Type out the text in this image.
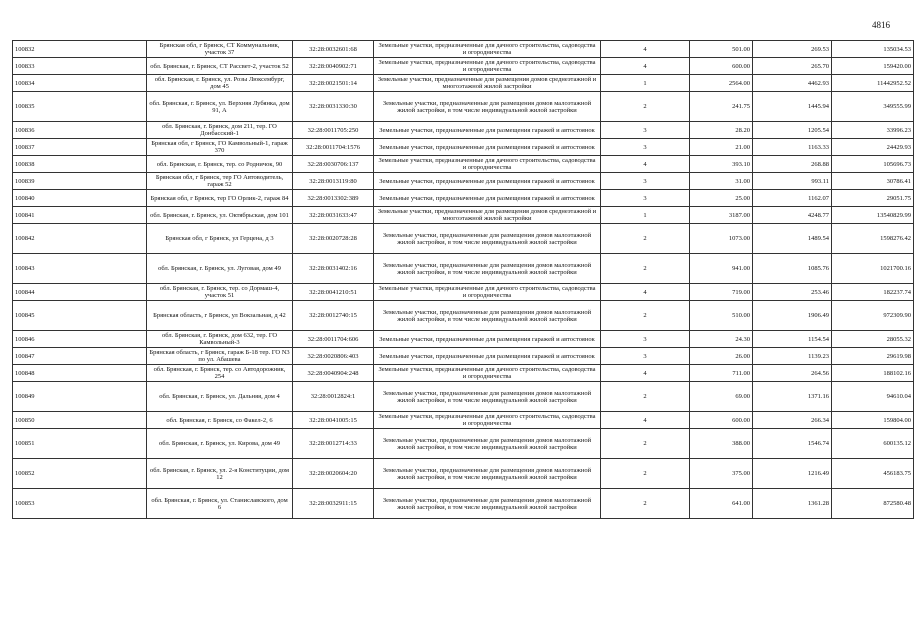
4816
100832	Брянская обл, г Брянск, СТ Коммунальник, участок 37	32:28:0032601:68	Земельные участки, предназначенные для дачного строительства, садоводства и огородничества	4	501.00	269.53	135034.53
100833	обл. Брянская, г. Брянск, СТ Рассвет-2, участок 52	32:28:0040902:71	Земельные участки, предназначенные для дачного строительства, садоводства и огородничества	4	600.00	265.70	159420.00
100834	обл. Брянская, г. Брянск, ул. Розы Люксембург, дом 45	32:28:0021501:14	Земельные участки, предназначенные для размещения домов среднеэтажной и многоэтажной жилой застройки	1	2564.00	4462.93	11442952.52
100835	обл. Брянская, г. Брянск, ул. Верхняя Лубянка, дом 91, А	32:28:0031330:30	Земельные участки, предназначенные для размещения домов малоэтажной жилой застройки, в том числе индивидуальной жилой застройки	2	241.75	1445.94	349555.99
100836	обл. Брянская, г. Брянск, дом 211, тер. ГО Донбасский-1	32:28:0011705:250	Земельные участки, предназначенные для размещения гаражей и автостоянок	3	28.20	1205.54	33996.23
100837	Брянская обл, г Брянск, ГО Камвольный-1, гараж 370	32:28:0011704:1576	Земельные участки, предназначенные для размещения гаражей и автостоянок	3	21.00	1163.33	24429.93
100838	обл. Брянская, г. Брянск, тер. со Родничок, 90	32:28:0030706:137	Земельные участки, предназначенные для дачного строительства, садоводства и огородничества	4	393.10	268.88	105696.73
100839	Брянская обл, г Брянск, тер ГО Автоводитель, гараж 52	32:28:0013119:80	Земельные участки, предназначенные для размещения гаражей и автостоянок	3	31.00	993.11	30786.41
100840	Брянская обл, г Брянск, тер ГО Орлик-2, гараж 84	32:28:0013302:389	Земельные участки, предназначенные для размещения гаражей и автостоянок	3	25.00	1162.07	29051.75
100841	обл. Брянская, г. Брянск, ул. Октябрьская, дом 101	32:28:0031633:47	Земельные участки, предназначенные для размещения домов среднеэтажной и многоэтажной жилой застройки	1	3187.00	4248.77	13540829.99
100842	Брянская обл, г Брянск, ул Герцена, д 3	32:28:0020728:28	Земельные участки, предназначенные для размещения домов малоэтажной жилой застройки, в том числе индивидуальной жилой застройки	2	1073.00	1489.54	1598276.42
100843	обл. Брянская, г. Брянск, ул. Луговая, дом 49	32:28:0031402:16	Земельные участки, предназначенные для размещения домов малоэтажной жилой застройки, в том числе индивидуальной жилой застройки	2	941.00	1085.76	1021700.16
100844	обл. Брянская, г. Брянск, тер. со Дормаш-4, участок 51	32:28:0041210:51	Земельные участки, предназначенные для дачного строительства, садоводства и огородничества	4	719.00	253.46	182237.74
100845	Брянская область, г Брянск, ул Вокзальная, д 42	32:28:0012740:15	Земельные участки, предназначенные для размещения домов малоэтажной жилой застройки, в том числе индивидуальной жилой застройки	2	510.00	1906.49	972309.90
100846	обл. Брянская, г. Брянск, дом 632, тер. ГО Камвольный-3	32:28:0011704:606	Земельные участки, предназначенные для размещения гаражей и автостоянок	3	24.30	1154.54	28055.32
100847	Брянская область, г Брянск, гараж Б-18 тер. ГО N3 по ул. Абашева	32:28:0020806:403	Земельные участки, предназначенные для размещения гаражей и автостоянок	3	26.00	1139.23	29619.98
100848	обл. Брянская, г. Брянск, тер. со Автодорожник, 254	32:28:0040904:248	Земельные участки, предназначенные для дачного строительства, садоводства и огородничества	4	711.00	264.56	188102.16
100849	обл. Брянская, г. Брянск, ул. Дальняя, дом 4	32:28:0012824:1	Земельные участки, предназначенные для размещения домов малоэтажной жилой застройки, в том числе индивидуальной жилой застройки	2	69.00	1371.16	94610.04
100850	обл. Брянская, г. Брянск, со Факел-2, 6	32:28:0041005:15	Земельные участки, предназначенные для дачного строительства, садоводства и огородничества	4	600.00	266.34	159804.00
100851	обл. Брянская, г. Брянск, ул. Кирова, дом 49	32:28:0012714:33	Земельные участки, предназначенные для размещения домов малоэтажной жилой застройки, в том числе индивидуальной жилой застройки	2	388.00	1546.74	600135.12
100852	обл. Брянская, г. Брянск, ул. 2-я Конституции, дом 12	32:28:0020604:20	Земельные участки, предназначенные для размещения домов малоэтажной жилой застройки, в том числе индивидуальной жилой застройки	2	375.00	1216.49	456183.75
100853	обл. Брянская, г. Брянск, ул. Станиславского, дом 6	32:28:0032911:15	Земельные участки, предназначенные для размещения домов малоэтажной жилой застройки, в том числе индивидуальной жилой застройки	2	641.00	1361.28	872580.48
